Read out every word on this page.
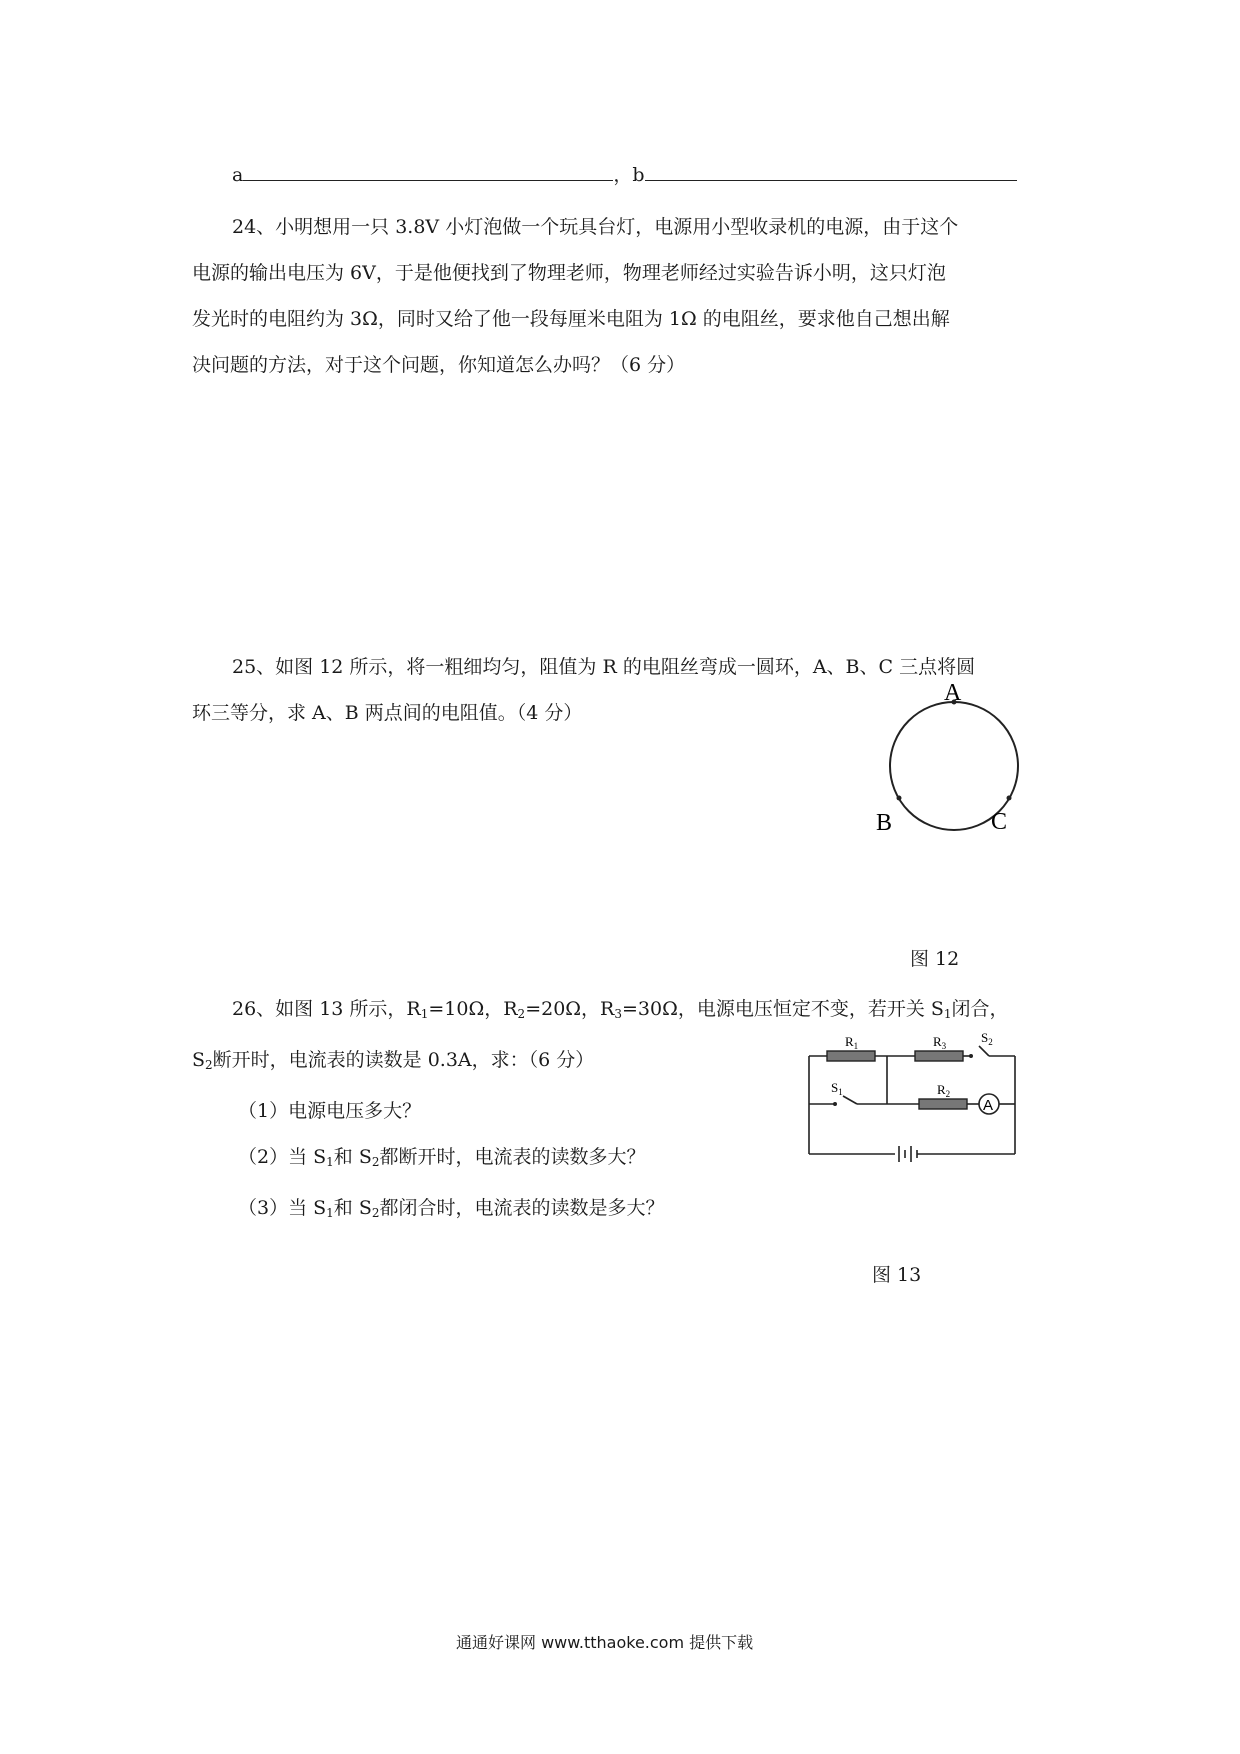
a	，b
24、小明想用一只 3.8V 小灯泡做一个玩具台灯，电源用小型收录机的电源，由于这个
电源的输出电压为 6V，于是他便找到了物理老师，物理老师经过实验告诉小明，这只灯泡
发光时的电阻约为 3Ω，同时又给了他一段每厘米电阻为 1Ω 的电阻丝，要求他自己想出解
决问题的方法，对于这个问题，你知道怎么办吗？（6 分）
25、如图 12 所示，将一粗细均匀，阻值为 R 的电阻丝弯成一圆环，A、B、C 三点将圆
环三等分，求 A、B 两点间的电阻值。（4 分）
A
B	C
图 12
26、如图 13 所示，$R_1=10\Omega$，$R_2=20\Omega$，$R_3=30\Omega$，电源电压恒定不变，若开关 $S_1$闭合，
$S_2$断开时，电流表的读数是 0.3A，求：（6 分）
（1）电源电压多大？
（2）当 $S_1$和 $S_2$都断开时，电流表的读数多大？
（3）当 $S_1$和 $S_2$都闭合时，电流表的读数是多大？
A
$R_1$	$R_3$
$R_2$
$S_1$
$S_2$
图 13
通通好课网 www.tthaoke.com 提供下载
